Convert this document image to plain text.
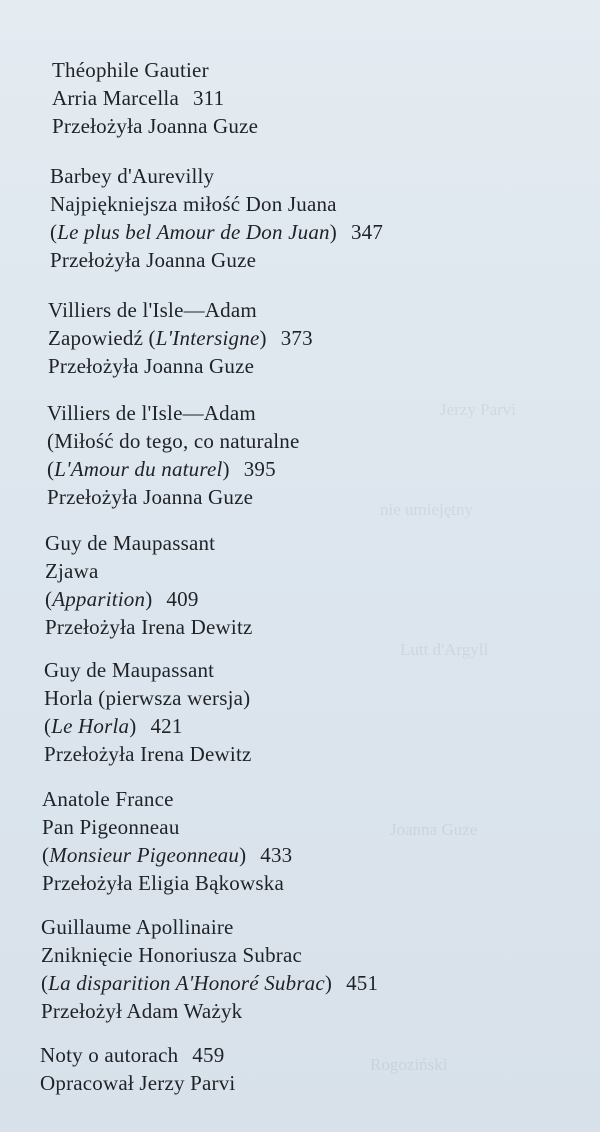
Jerzy Parvi
nie umiejętny
Lutt d'Argyll
Joanna Guze
Rogoziński
Théophile Gautier
Arria Marcella 311
Przełożyła Joanna Guze
Barbey d'Aurevilly
Najpiękniejsza miłość Don Juana
(Le plus bel Amour de Don Juan) 347
Przełożyła Joanna Guze
Villiers de l'Isle—Adam
Zapowiedź (L'Intersigne) 373
Przełożyła Joanna Guze
Villiers de l'Isle—Adam
(Miłość do tego, co naturalne
(L'Amour du naturel) 395
Przełożyła Joanna Guze
Guy de Maupassant
Zjawa
(Apparition) 409
Przełożyła Irena Dewitz
Guy de Maupassant
Horla (pierwsza wersja)
(Le Horla) 421
Przełożyła Irena Dewitz
Anatole France
Pan Pigeonneau
(Monsieur Pigeonneau) 433
Przełożyła Eligia Bąkowska
Guillaume Apollinaire
Zniknięcie Honoriusza Subrac
(La disparition A'Honoré Subrac) 451
Przełożył Adam Ważyk
Noty o autorach 459
Opracował Jerzy Parvi
